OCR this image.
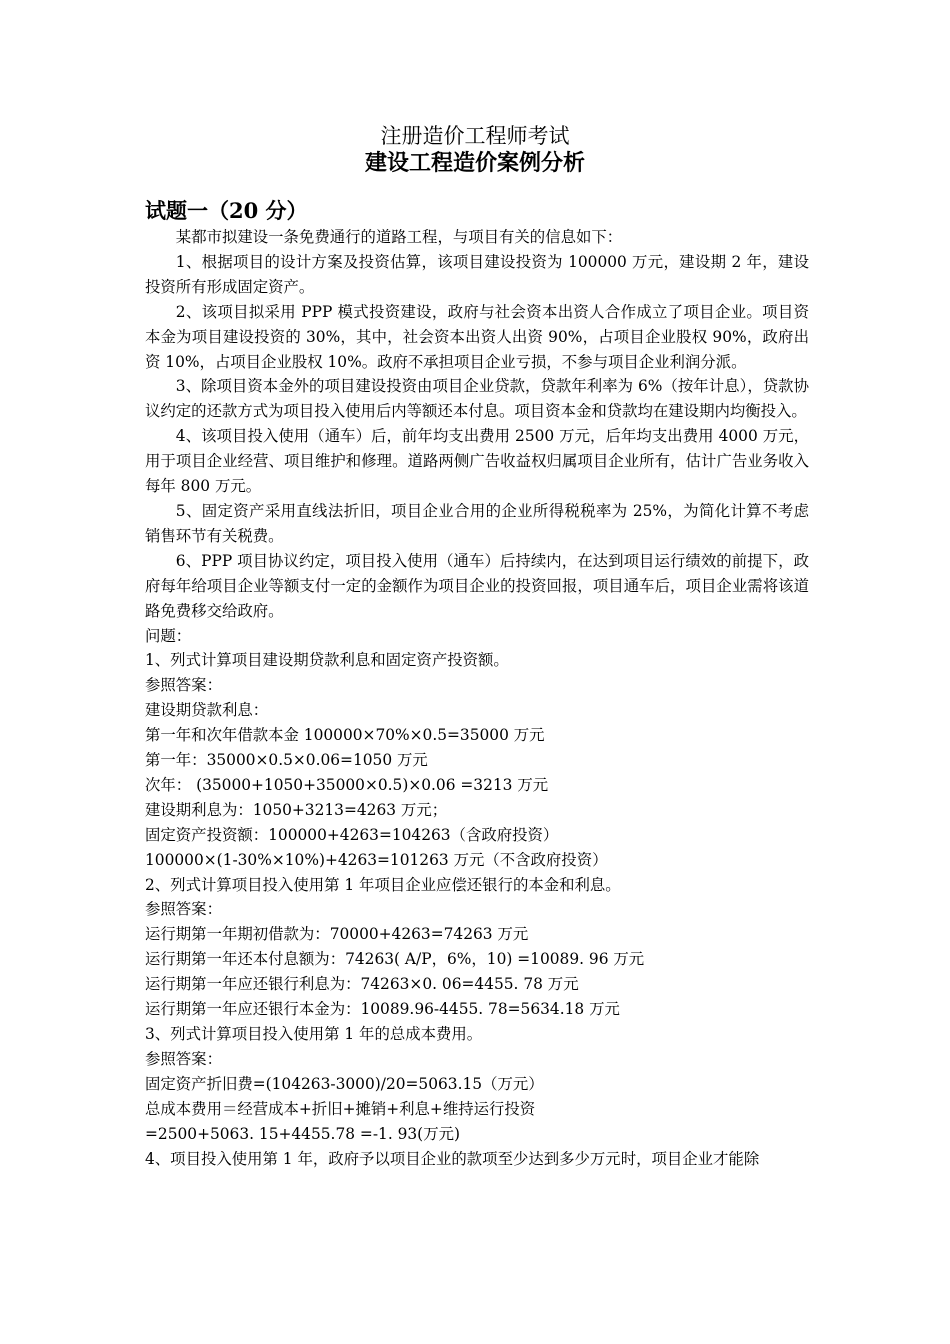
注册造价工程师考试
建设工程造价案例分析
试题一（20 分）

某都市拟建设一条免费通行的道路工程，与项目有关的信息如下：

1、根据项目的设计方案及投资估算，该项目建设投资为 100000 万元，建设期 2 年，建设投资所有形成固定资产。

2、该项目拟采用 PPP 模式投资建设，政府与社会资本出资人合作成立了项目企业。项目资本金为项目建设投资的 30%，其中，社会资本出资人出资 90%，占项目企业股权 90%，政府出资 10%，占项目企业股权 10%。政府不承担项目企业亏损，不参与项目企业利润分派。

3、除项目资本金外的项目建设投资由项目企业贷款，贷款年利率为 6%（按年计息），贷款协议约定的还款方式为项目投入使用后内等额还本付息。项目资本金和贷款均在建设期内均衡投入。

4、该项目投入使用（通车）后，前年均支出费用 2500 万元，后年均支出费用 4000 万元，用于项目企业经营、项目维护和修理。道路两侧广告收益权归属项目企业所有，估计广告业务收入每年 800 万元。

5、固定资产采用直线法折旧，项目企业合用的企业所得税税率为 25%，为简化计算不考虑销售环节有关税费。

6、PPP 项目协议约定，项目投入使用（通车）后持续内，在达到项目运行绩效的前提下，政府每年给项目企业等额支付一定的金额作为项目企业的投资回报，项目通车后，项目企业需将该道路免费移交给政府。

问题：

1、列式计算项目建设期贷款利息和固定资产投资额。

参照答案：

建设期贷款利息：

第一年和次年借款本金 100000×70%×0.5=35000 万元

第一年：35000×0.5×0.06=1050 万元

次年： (35000+1050+35000×0.5)×0.06 =3213 万元

建设期利息为：1050+3213=4263 万元；

固定资产投资额：100000+4263=104263（含政府投资）

100000×(1-30%×10%)+4263=101263 万元（不含政府投资）

2、列式计算项目投入使用第 1 年项目企业应偿还银行的本金和利息。

参照答案：

运行期第一年期初借款为：70000+4263=74263 万元

运行期第一年还本付息额为：74263( A/P，6%，10) =10089. 96 万元

运行期第一年应还银行利息为：74263×0. 06=4455. 78 万元

运行期第一年应还银行本金为：10089.96-4455. 78=5634.18 万元

3、列式计算项目投入使用第 1 年的总成本费用。

参照答案：

固定资产折旧费=(104263-3000)/20=5063.15（万元）

总成本费用＝经营成本+折旧+摊销+利息+维持运行投资

=2500+5063. 15+4455.78 =-1. 93(万元)

4、项目投入使用第 1 年，政府予以项目企业的款项至少达到多少万元时，项目企业才能除
